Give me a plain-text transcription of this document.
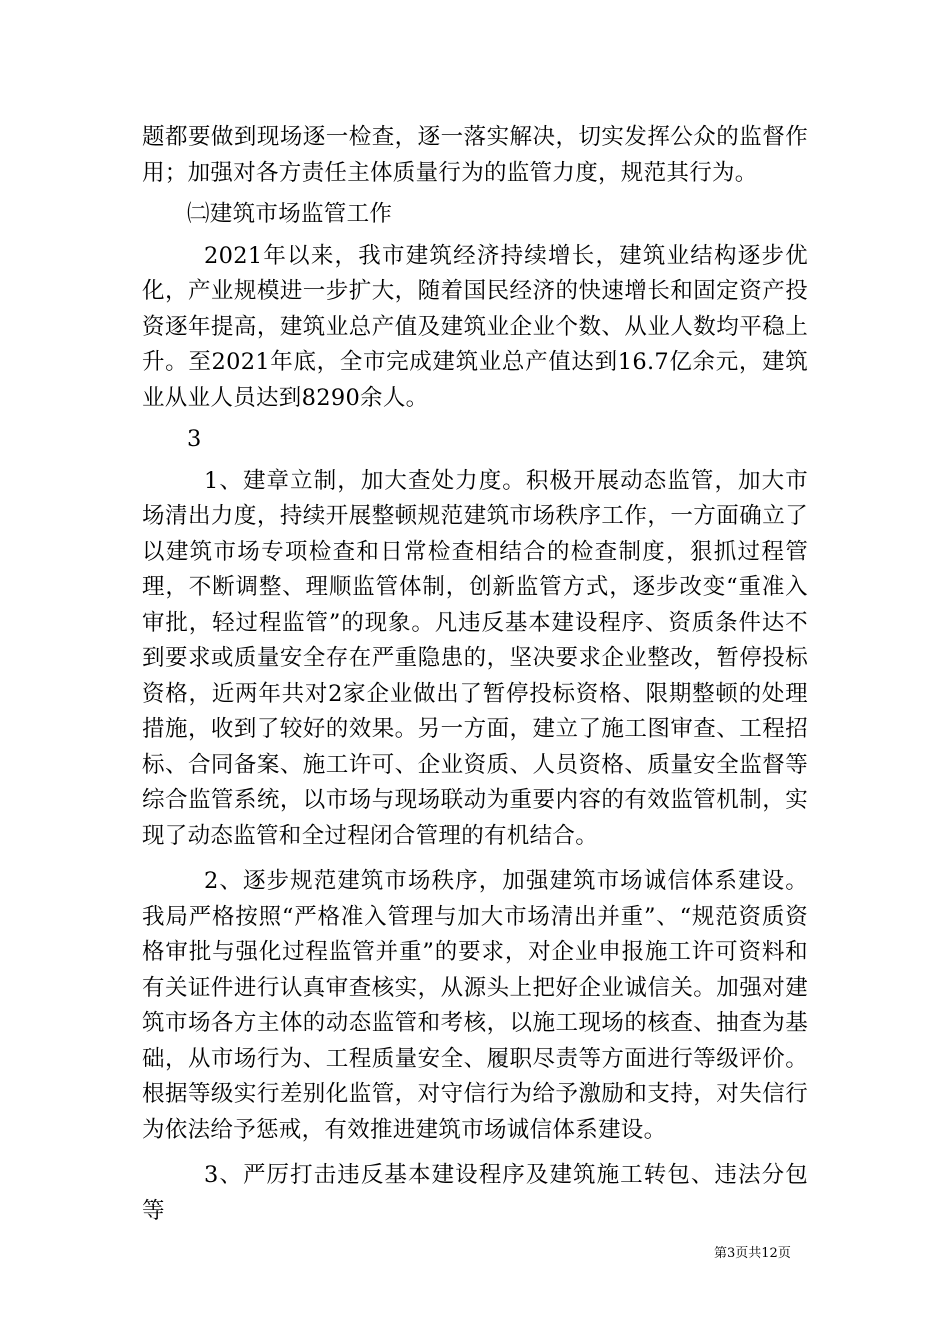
题都要做到现场逐一检查，逐一落实解决，切实发挥公众的监督作用；加强对各方责任主体质量行为的监管力度，规范其行为。

㈡建筑市场监管工作

2021年以来，我市建筑经济持续增长，建筑业结构逐步优化，产业规模进一步扩大，随着国民经济的快速增长和固定资产投资逐年提高，建筑业总产值及建筑业企业个数、从业人数均平稳上升。至2021年底，全市完成建筑业总产值达到16.7亿余元，建筑业从业人员达到8290余人。

3

1、建章立制，加大查处力度。积极开展动态监管，加大市场清出力度，持续开展整顿规范建筑市场秩序工作，一方面确立了以建筑市场专项检查和日常检查相结合的检查制度，狠抓过程管理，不断调整、理顺监管体制，创新监管方式，逐步改变“重准入审批，轻过程监管”的现象。凡违反基本建设程序、资质条件达不到要求或质量安全存在严重隐患的，坚决要求企业整改，暂停投标资格，近两年共对2家企业做出了暂停投标资格、限期整顿的处理措施，收到了较好的效果。另一方面，建立了施工图审查、工程招标、合同备案、施工许可、企业资质、人员资格、质量安全监督等综合监管系统，以市场与现场联动为重要内容的有效监管机制，实现了动态监管和全过程闭合管理的有机结合。

2、逐步规范建筑市场秩序，加强建筑市场诚信体系建设。我局严格按照“严格准入管理与加大市场清出并重”、“规范资质资格审批与强化过程监管并重”的要求，对企业申报施工许可资料和有关证件进行认真审查核实，从源头上把好企业诚信关。加强对建筑市场各方主体的动态监管和考核，以施工现场的核查、抽查为基础，从市场行为、工程质量安全、履职尽责等方面进行等级评价。根据等级实行差别化监管，对守信行为给予激励和支持，对失信行为依法给予惩戒，有效推进建筑市场诚信体系建设。

3、严厉打击违反基本建设程序及建筑施工转包、违法分包等

第3页共12页
